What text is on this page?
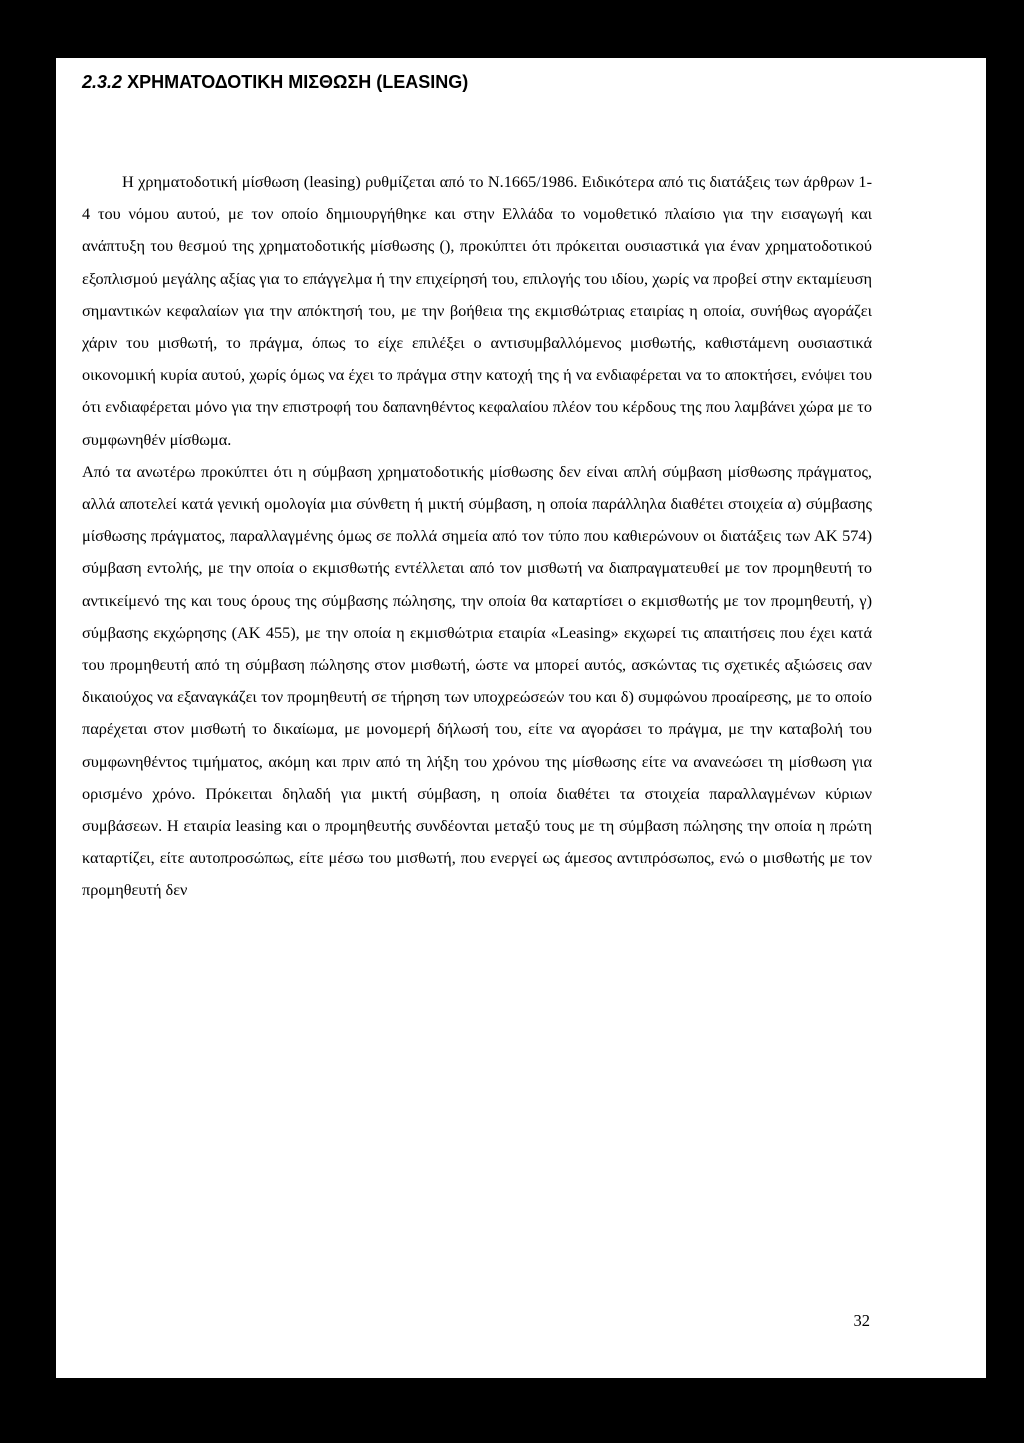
2.3.2 ΧΡΗΜΑΤΟΔΟΤΙΚΗ ΜΙΣΘΩΣΗ (LEASING)

Η χρηματοδοτική μίσθωση (leasing) ρυθμίζεται από το Ν.1665/1986. Ειδικότερα από τις διατάξεις των άρθρων 1-4 του νόμου αυτού, με τον οποίο δημιουργήθηκε και στην Ελλάδα το νομοθετικό πλαίσιο για την εισαγωγή και ανάπτυξη του θεσμού της χρηματοδοτικής μίσθωσης (), προκύπτει ότι πρόκειται ουσιαστικά για έναν χρηματοδοτικού εξοπλισμού μεγάλης αξίας για το επάγγελμα ή την επιχείρησή του, επιλογής του ιδίου, χωρίς να προβεί στην εκταμίευση σημαντικών κεφαλαίων για την απόκτησή του, με την βοήθεια της εκμισθώτριας εταιρίας η οποία, συνήθως αγοράζει χάριν του μισθωτή, το πράγμα, όπως το είχε επιλέξει ο αντισυμβαλλόμενος μισθωτής, καθιστάμενη ουσιαστικά οικονομική κυρία αυτού, χωρίς όμως να έχει το πράγμα στην κατοχή της ή να ενδιαφέρεται να το αποκτήσει, ενόψει του ότι ενδιαφέρεται μόνο για την επιστροφή του δαπανηθέντος κεφαλαίου πλέον του κέρδους της που λαμβάνει χώρα με το συμφωνηθέν μίσθωμα.

Από τα ανωτέρω προκύπτει ότι η σύμβαση χρηματοδοτικής μίσθωσης δεν είναι απλή σύμβαση μίσθωσης πράγματος, αλλά αποτελεί κατά γενική ομολογία μια σύνθετη ή μικτή σύμβαση, η οποία παράλληλα διαθέτει στοιχεία α) σύμβασης μίσθωσης πράγματος, παραλλαγμένης όμως σε πολλά σημεία από τον τύπο που καθιερώνουν οι διατάξεις των ΑΚ 574) σύμβαση εντολής, με την οποία ο εκμισθωτής εντέλλεται από τον μισθωτή να διαπραγματευθεί με τον προμηθευτή το αντικείμενό της και τους όρους της σύμβασης πώλησης, την οποία θα καταρτίσει ο εκμισθωτής με τον προμηθευτή, γ) σύμβασης εκχώρησης (ΑΚ 455), με την οποία η εκμισθώτρια εταιρία «Leasing» εκχωρεί τις απαιτήσεις που έχει κατά του προμηθευτή από τη σύμβαση πώλησης στον μισθωτή, ώστε να μπορεί αυτός, ασκώντας τις σχετικές αξιώσεις σαν δικαιούχος να εξαναγκάζει τον προμηθευτή σε τήρηση των υποχρεώσεών του και δ) συμφώνου προαίρεσης, με το οποίο παρέχεται στον μισθωτή το δικαίωμα, με μονομερή δήλωσή του, είτε να αγοράσει το πράγμα, με την καταβολή του συμφωνηθέντος τιμήματος, ακόμη και πριν από τη λήξη του χρόνου της μίσθωσης είτε να ανανεώσει τη μίσθωση για ορισμένο χρόνο. Πρόκειται δηλαδή για μικτή σύμβαση, η οποία διαθέτει τα στοιχεία παραλλαγμένων κύριων συμβάσεων. Η εταιρία leasing και ο προμηθευτής συνδέονται μεταξύ τους με τη σύμβαση πώλησης την οποία η πρώτη καταρτίζει, είτε αυτοπροσώπως, είτε μέσω του μισθωτή, που ενεργεί ως άμεσος αντιπρόσωπος, ενώ ο μισθωτής με τον προμηθευτή δεν

32
